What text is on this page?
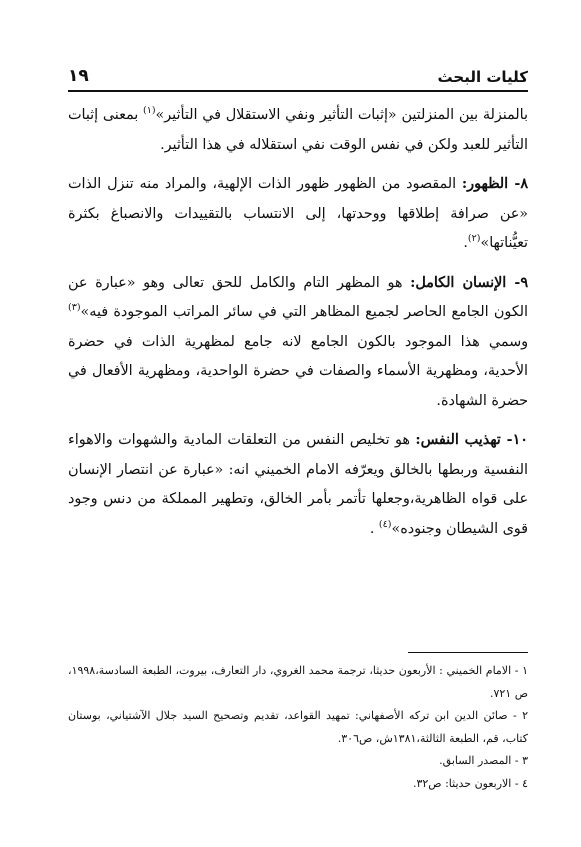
١٩	كليات البحث

بالمنزلة بين المنزلتين «إثبات التأثير ونفي الاستقلال في التأثير»$^{(١)}$ بمعنى إثبات التأثير للعبد ولكن في نفس الوقت نفي استقلاله في هذا التأثير.

٨- الظهور: المقصود من الظهور ظهور الذات الإلهية، والمراد منه تنزل الذات «عن صرافة إطلاقها ووحدتها، إلى الانتساب بالتقييدات والانصباغ بكثرة تعيُّناتها»$^{(٢)}$.

٩- الإنسان الكامل: هو المظهر التام والكامل للحق تعالى وهو «عبارة عن الكون الجامع الحاصر لجميع المظاهر التي في سائر المراتب الموجودة فيه»$^{(٣)}$ وسمي هذا الموجود بالكون الجامع لانه جامع لمظهرية الذات في حضرة الأحدية، ومظهرية الأسماء والصفات في حضرة الواحدية، ومظهرية الأفعال في حضرة الشهادة.

١٠- تهذيب النفس: هو تخليص النفس من التعلقات المادية والشهوات والاهواء النفسية وربطها بالخالق ويعرّفه الامام الخميني انه: «عبارة عن انتصار الإنسان على قواه الظاهرية،وجعلها تأتمر بأمر الخالق، وتطهير المملكة من دنس وجود قوى الشيطان وجنوده»$^{(٤)}$ .

١ - الامام الخميني : الأربعون حديثا، ترجمة محمد الغروي، دار التعارف، بيروت، الطبعة السادسة،١٩٩٨، ص ٧٢١.

٢ - صائن الدين ابن تركه الأصفهاني: تمهيد القواعد، تقديم وتصحيح السيد جلال الآشتياني، بوستان كتاب، قم، الطبعة الثالثة،١٣٨١ش، ص٣٠٦.

٣ - المصدر السابق.

٤ - الاربعون حديثا: ص٣٢.
